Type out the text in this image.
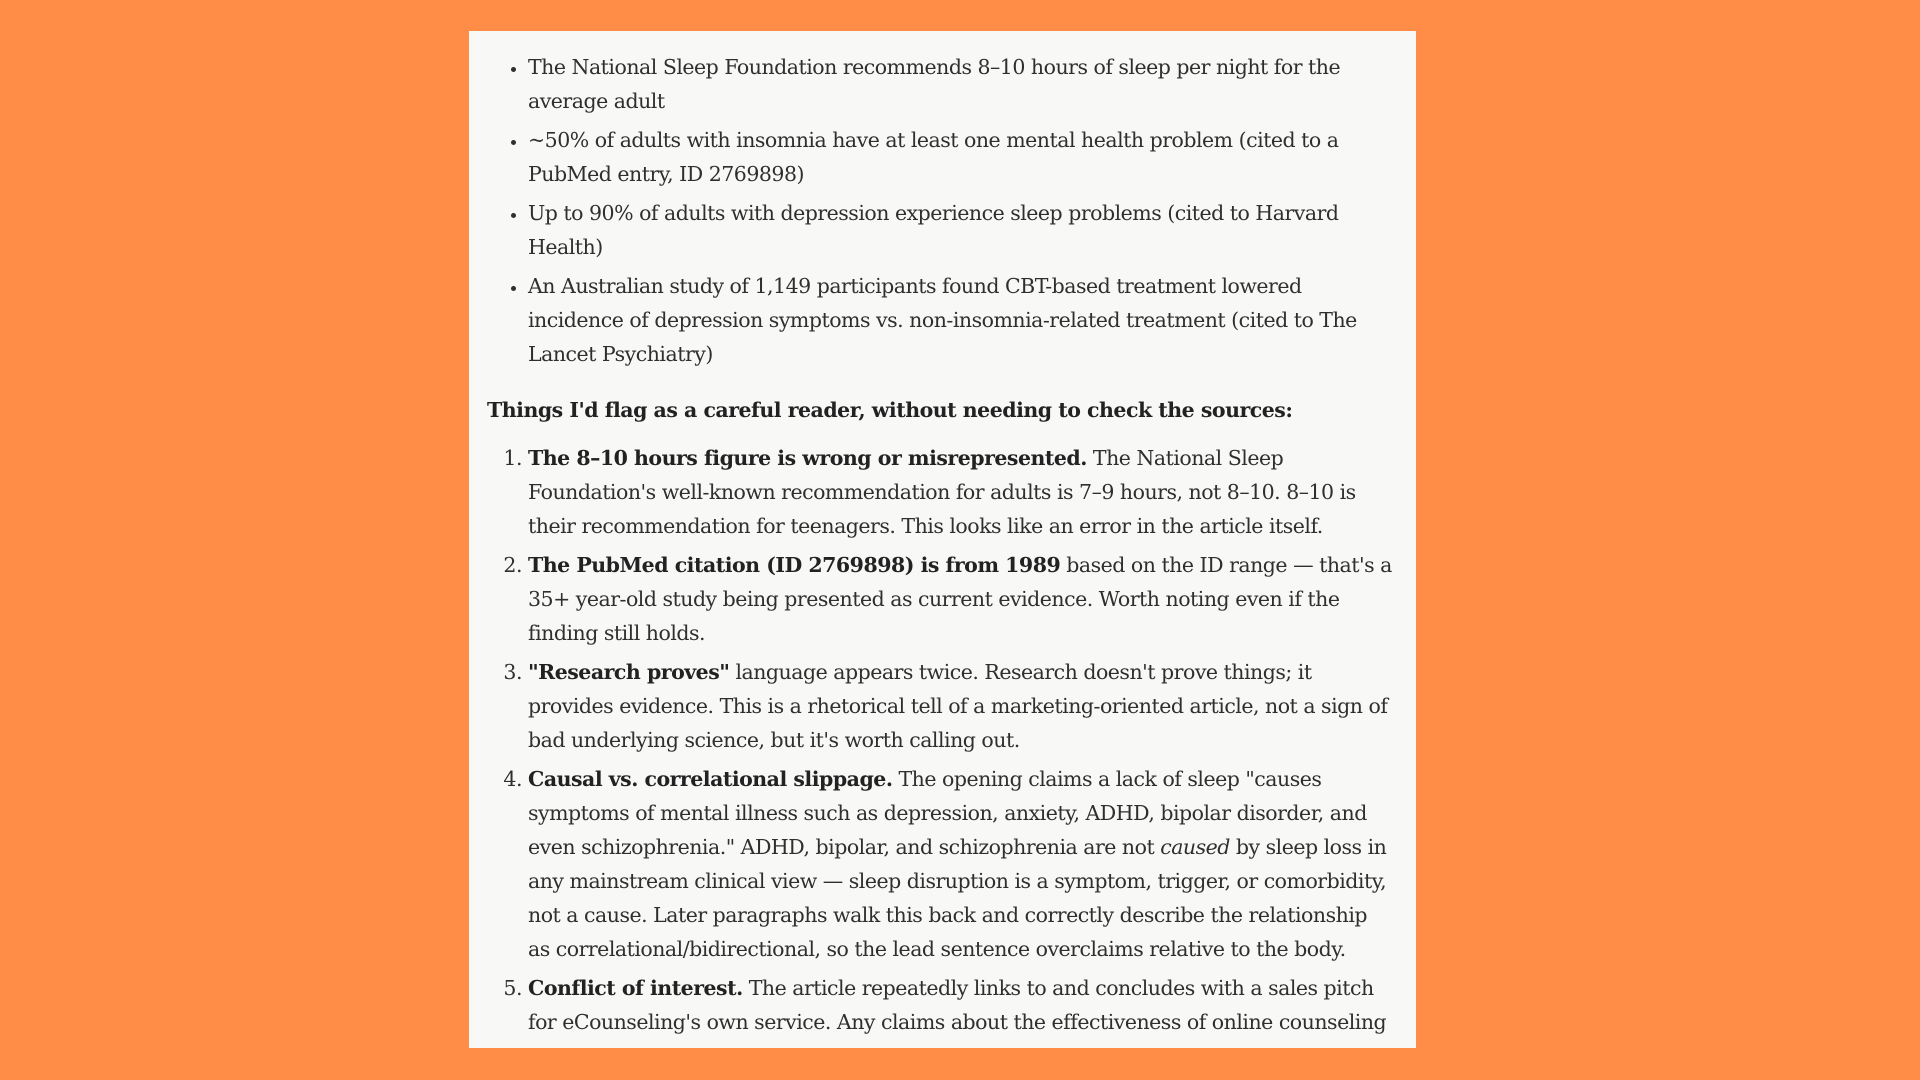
• The National Sleep Foundation recommends 8–10 hours of sleep per night for the average adult
• ~50% of adults with insomnia have at least one mental health problem (cited to a PubMed entry, ID 2769898)
• Up to 90% of adults with depression experience sleep problems (cited to Harvard Health)
• An Australian study of 1,149 participants found CBT-based treatment lowered incidence of depression symptoms vs. non-insomnia-related treatment (cited to The Lancet Psychiatry)
Things I'd flag as a careful reader, without needing to check the sources:
1. The 8–10 hours figure is wrong or misrepresented. The National Sleep Foundation's well-known recommendation for adults is 7–9 hours, not 8–10. 8–10 is their recommendation for teenagers. This looks like an error in the article itself.
2. The PubMed citation (ID 2769898) is from 1989 based on the ID range — that's a 35+ year-old study being presented as current evidence. Worth noting even if the finding still holds.
3. "Research proves" language appears twice. Research doesn't prove things; it provides evidence. This is a rhetorical tell of a marketing-oriented article, not a sign of bad underlying science, but it's worth calling out.
4. Causal vs. correlational slippage. The opening claims a lack of sleep "causes symptoms of mental illness such as depression, anxiety, ADHD, bipolar disorder, and even schizophrenia." ADHD, bipolar, and schizophrenia are not caused by sleep loss in any mainstream clinical view — sleep disruption is a symptom, trigger, or comorbidity, not a cause. Later paragraphs walk this back and correctly describe the relationship as correlational/bidirectional, so the lead sentence overclaims relative to the body.
5. Conflict of interest. The article repeatedly links to and concludes with a sales pitch for eCounseling's own service. Any claims about the effectiveness of online counseling
